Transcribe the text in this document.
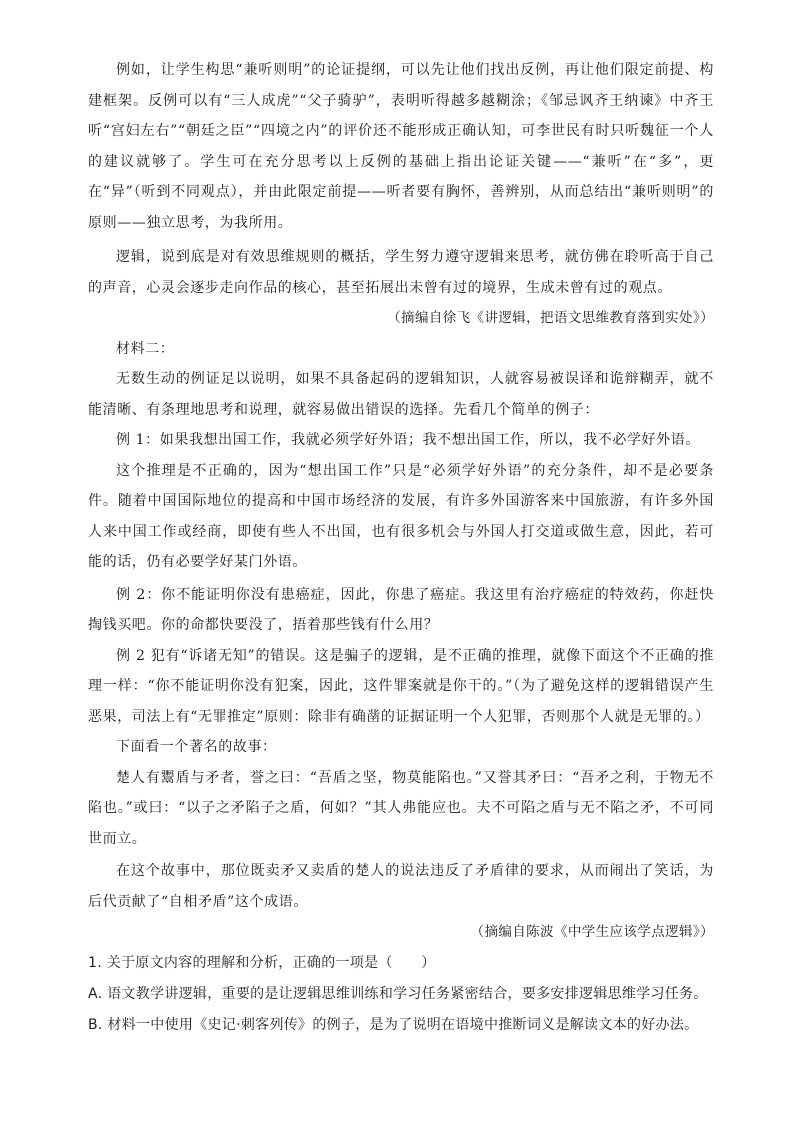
例如，让学生构思“兼听则明”的论证提纲，可以先让他们找出反例，再让他们限定前提、构建框架。反例可以有“三人成虎”“父子骑驴”，表明听得越多越糊涂；《邹忌讽齐王纳谏》中齐王听“宫妇左右”“朝廷之臣”“四境之内”的评价还不能形成正确认知，可李世民有时只听魏征一个人的建议就够了。学生可在充分思考以上反例的基础上指出论证关键——“兼听”在“多”，更在“异”（听到不同观点），并由此限定前提——听者要有胸怀，善辨别，从而总结出“兼听则明”的原则——独立思考，为我所用。

逻辑，说到底是对有效思维规则的概括，学生努力遵守逻辑来思考，就仿佛在聆听高于自己的声音，心灵会逐步走向作品的核心，甚至拓展出未曾有过的境界，生成未曾有过的观点。

（摘编自徐飞《讲逻辑，把语文思维教育落到实处》）

材料二：

无数生动的例证足以说明，如果不具备起码的逻辑知识，人就容易被误译和诡辩糊弄，就不能清晰、有条理地思考和说理，就容易做出错误的选择。先看几个简单的例子：

例 1：如果我想出国工作，我就必须学好外语；我不想出国工作，所以，我不必学好外语。

这个推理是不正确的，因为“想出国工作”只是“必须学好外语”的充分条件，却不是必要条件。随着中国国际地位的提高和中国市场经济的发展，有许多外国游客来中国旅游，有许多外国人来中国工作或经商，即使有些人不出国，也有很多机会与外国人打交道或做生意，因此，若可能的话，仍有必要学好某门外语。

例 2：你不能证明你没有患癌症，因此，你患了癌症。我这里有治疗癌症的特效药，你赶快掏钱买吧。你的命都快要没了，捂着那些钱有什么用？

例 2 犯有“诉诸无知”的错误。这是骗子的逻辑，是不正确的推理，就像下面这个不正确的推理一样：“你不能证明你没有犯案，因此，这件罪案就是你干的。”（为了避免这样的逻辑错误产生恶果，司法上有“无罪推定”原则：除非有确凿的证据证明一个人犯罪，否则那个人就是无罪的。）

下面看一个著名的故事：

楚人有鬻盾与矛者，誉之曰：“吾盾之坚，物莫能陷也。”又誉其矛曰：“吾矛之利，于物无不陷也。”或曰：“以子之矛陷子之盾，何如？”其人弗能应也。夫不可陷之盾与无不陷之矛，不可同世而立。

在这个故事中，那位既卖矛又卖盾的楚人的说法违反了矛盾律的要求，从而闹出了笑话，为后代贡献了“自相矛盾”这个成语。

（摘编自陈波《中学生应该学点逻辑》）

1. 关于原文内容的理解和分析，正确的一项是（　　）

A. 语文教学讲逻辑，重要的是让逻辑思维训练和学习任务紧密结合，要多安排逻辑思维学习任务。

B. 材料一中使用《史记·刺客列传》的例子，是为了说明在语境中推断词义是解读文本的好办法。
